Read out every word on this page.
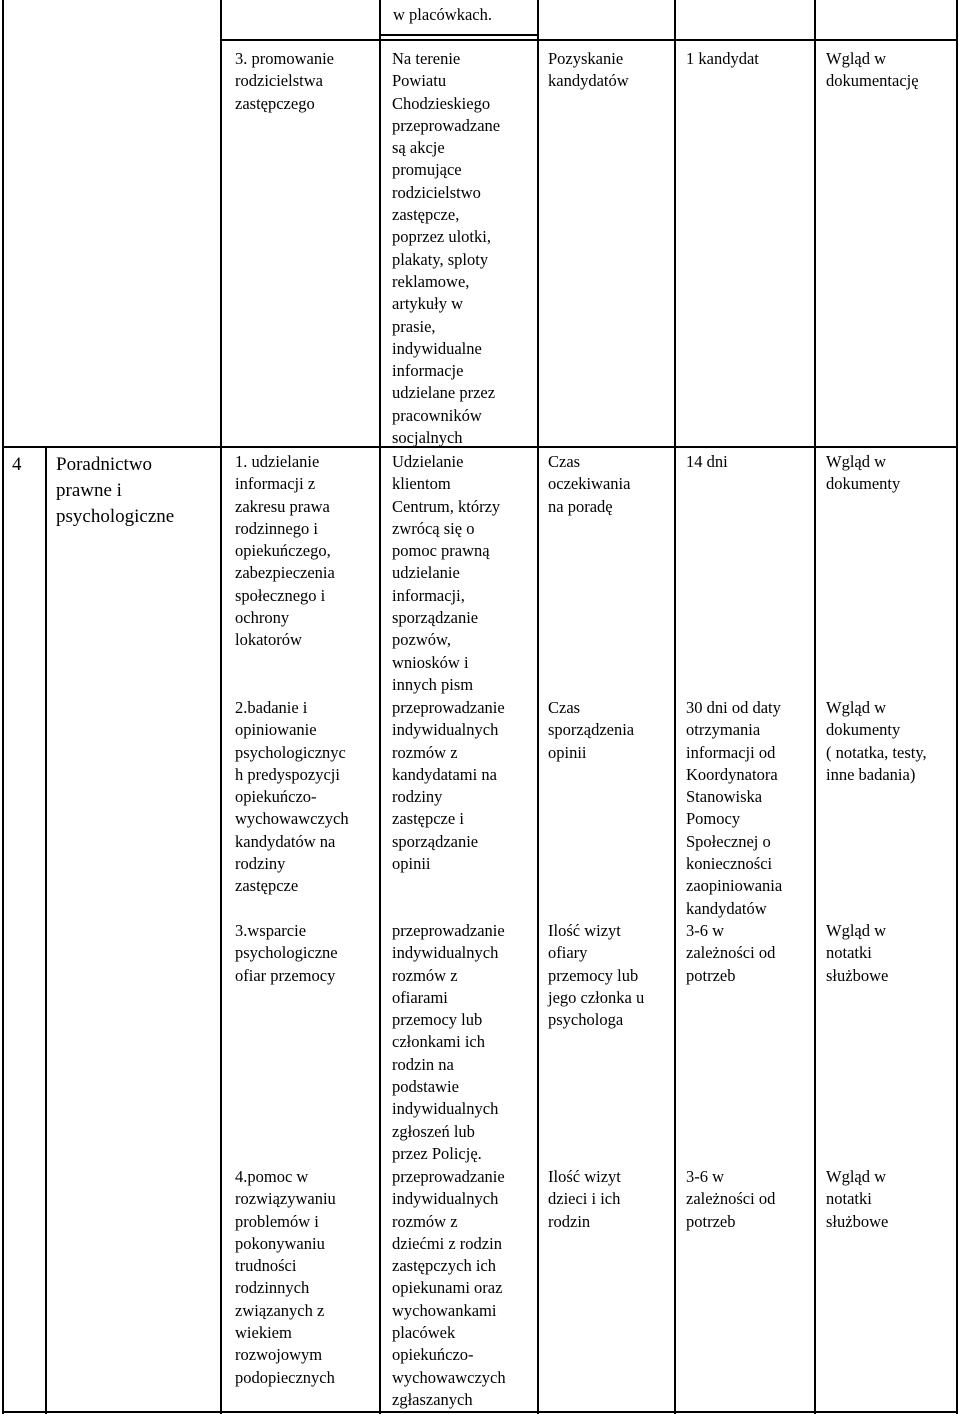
w placówkach.
4 Poradnictwo
prawne i
psychologiczne
3. promowanie
rodzicielstwa
zastępczego
Na terenie
Powiatu
Chodzieskiego
przeprowadzane
są akcje
promujące
rodzicielstwo
zastępcze,
poprzez ulotki,
plakaty, sploty
reklamowe,
artykuły w
prasie,
indywidualne
informacje
udzielane przez
pracowników
socjalnych
Pozyskanie
kandydatów
1 kandydat	Wgląd w
dokumentację
1. udzielanie
informacji z
zakresu prawa
rodzinnego i
opiekuńczego,
zabezpieczenia
społecznego i
ochrony
lokatorów
Udzielanie
klientom
Centrum, którzy
zwrócą się o
pomoc prawną
udzielanie
informacji,
sporządzanie
pozwów,
wniosków i
innych pism
Czas
oczekiwania
na poradę
14 dni	Wgląd w
dokumenty
2.badanie i
opiniowanie
psychologicznyc
h predyspozycji
opiekuńczo-
wychowawczych
kandydatów na
rodziny
zastępcze
przeprowadzanie
indywidualnych
rozmów z
kandydatami na
rodziny
zastępcze i
sporządzanie
opinii
Czas
sporządzenia
opinii
30 dni od daty
otrzymania
informacji od
Koordynatora
Stanowiska
Pomocy
Społecznej o
konieczności
zaopiniowania
kandydatów
Wgląd w
dokumenty
( notatka, testy,
inne badania)
3.wsparcie
psychologiczne
ofiar przemocy
przeprowadzanie
indywidualnych
rozmów z
ofiarami
przemocy lub
członkami ich
rodzin na
podstawie
indywidualnych
zgłoszeń lub
przez Policję.
Ilość wizyt
ofiary
przemocy lub
jego członka u
psychologa
3-6 w
zależności od
potrzeb
Wgląd w
notatki
służbowe
4.pomoc w
rozwiązywaniu
problemów i
pokonywaniu
trudności
rodzinnych
związanych z
wiekiem
rozwojowym
podopiecznych
przeprowadzanie
indywidualnych
rozmów z
dziećmi z rodzin
zastępczych ich
opiekunami oraz
wychowankami
placówek
opiekuńczo-
wychowawczych
zgłaszanych
Ilość wizyt
dzieci i ich
rodzin
3-6 w
zależności od
potrzeb
Wgląd w
notatki
służbowe
